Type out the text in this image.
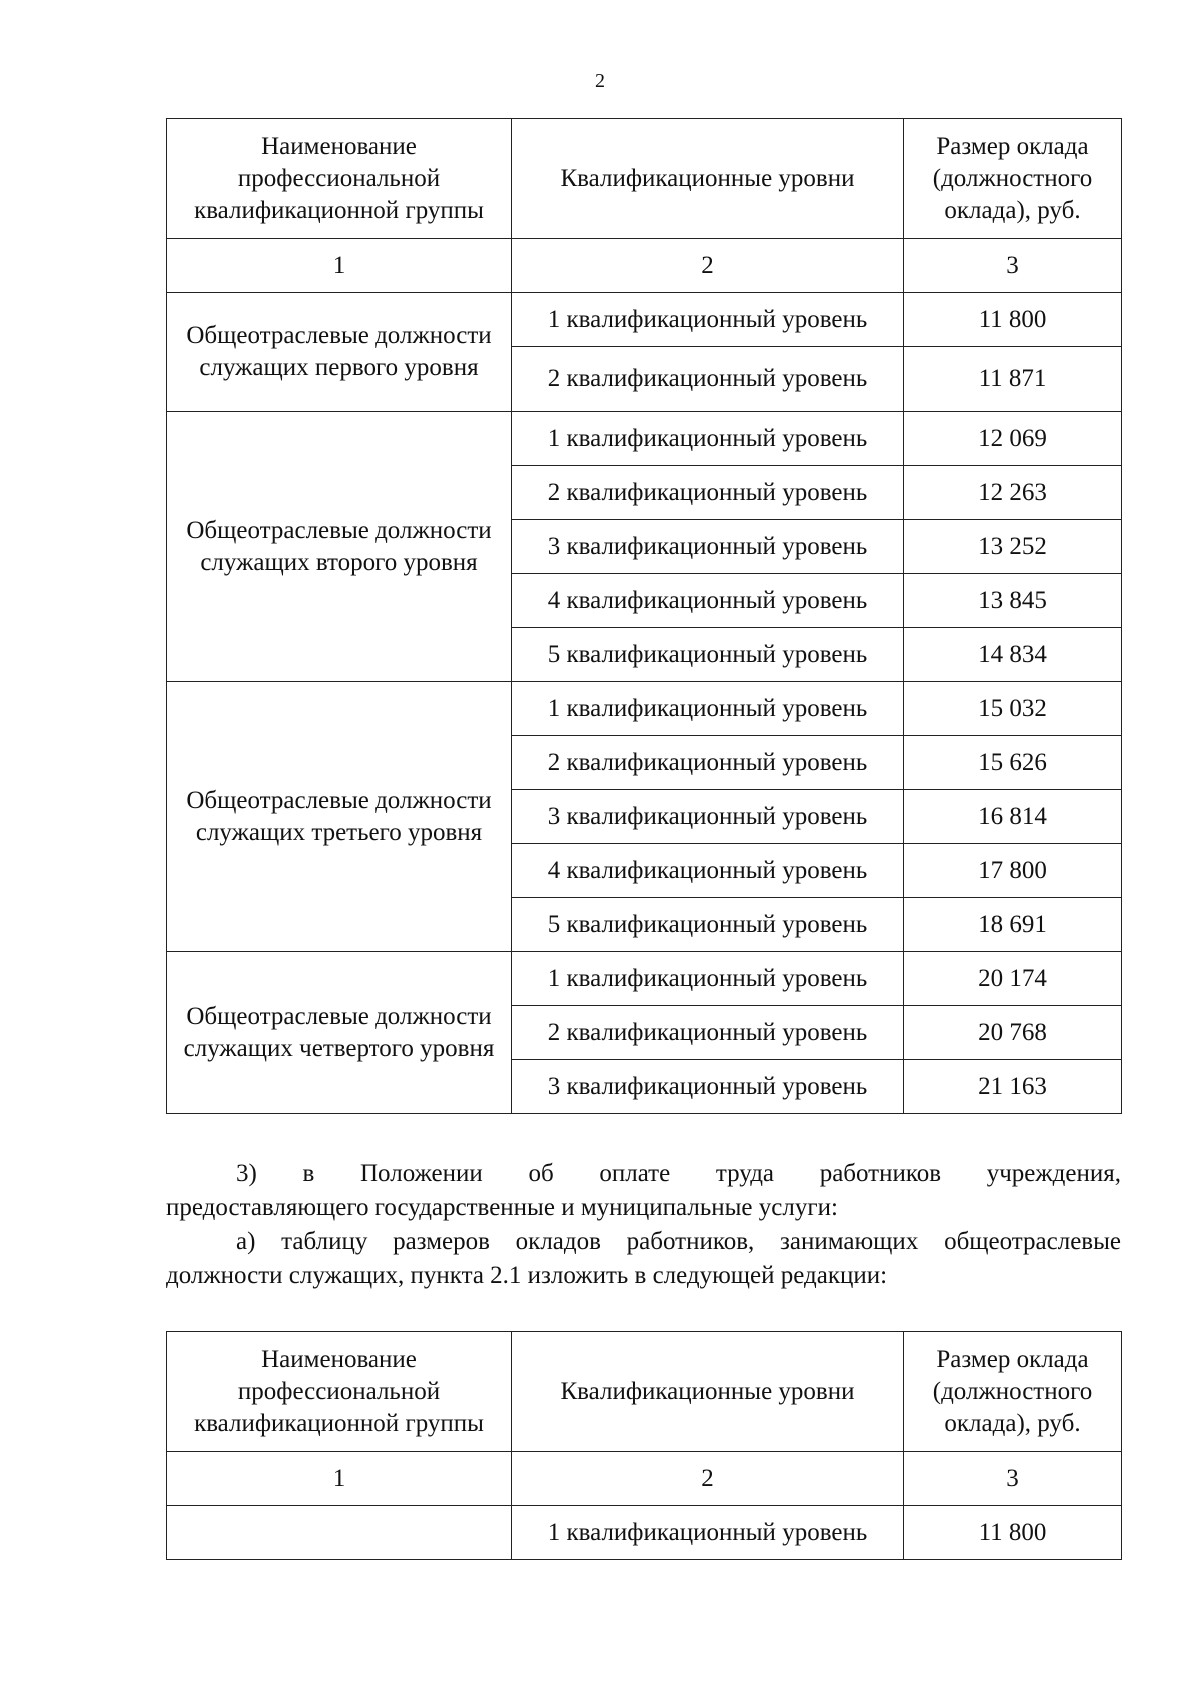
2
Наименование профессиональной квалификационной группы	Квалификационные уровни	Размер оклада (должностного оклада), руб.
1	2	3
Общеотраслевые должности служащих первого уровня	1 квалификационный уровень	11 800
	2 квалификационный уровень	11 871
Общеотраслевые должности служащих второго уровня	1 квалификационный уровень	12 069
	2 квалификационный уровень	12 263
	3 квалификационный уровень	13 252
	4 квалификационный уровень	13 845
	5 квалификационный уровень	14 834
Общеотраслевые должности служащих третьего уровня	1 квалификационный уровень	15 032
	2 квалификационный уровень	15 626
	3 квалификационный уровень	16 814
	4 квалификационный уровень	17 800
	5 квалификационный уровень	18 691
Общеотраслевые должности служащих четвертого уровня	1 квалификационный уровень	20 174
	2 квалификационный уровень	20 768
	3 квалификационный уровень	21 163
3) в Положении об оплате труда работников учреждения,
предоставляющего государственные и муниципальные услуги:
а) таблицу размеров окладов работников, занимающих общеотраслевые
должности служащих, пункта 2.1 изложить в следующей редакции:
Наименование профессиональной квалификационной группы	Квалификационные уровни	Размер оклада (должностного оклада), руб.
1	2	3
	1 квалификационный уровень	11 800
